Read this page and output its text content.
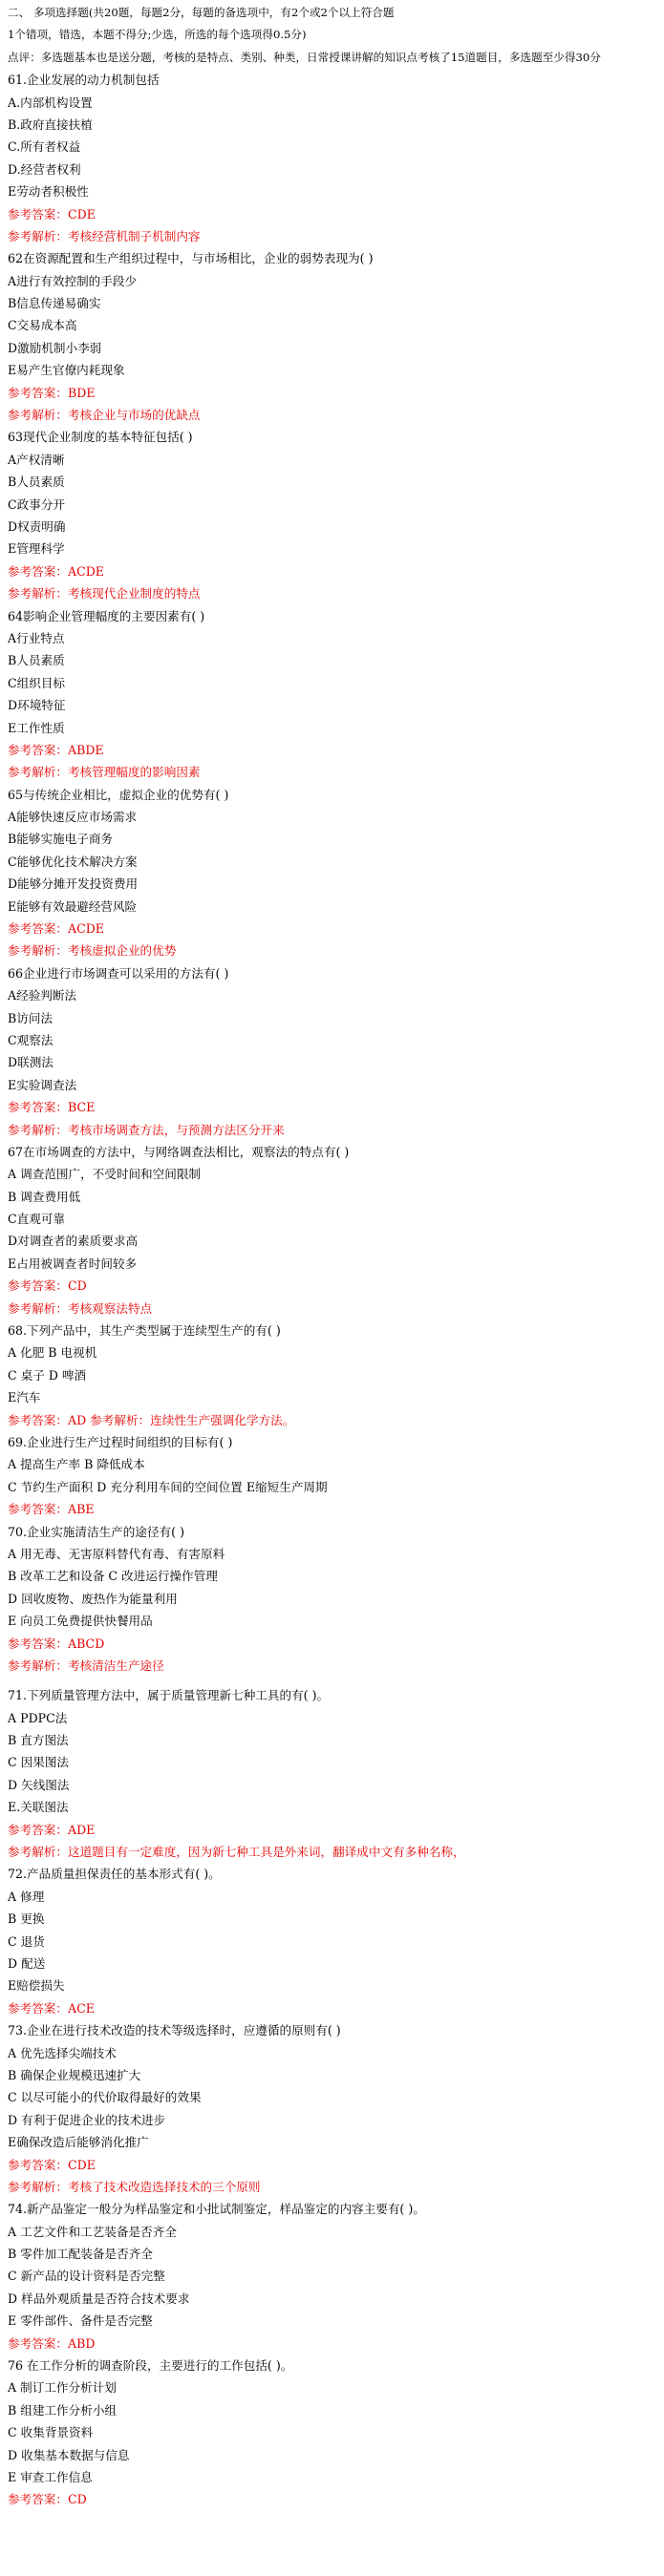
二、 多项选择题(共20题，每题2分，每题的备选项中，有2个或2个以上符合题
1个错项，错选，本题不得分;少选，所选的每个选项得0.5分)
点评：多选题基本也是送分题，考核的是特点、类别、种类，日常授课讲解的知识点考核了15道题目，多选题至少得30分
61.企业发展的动力机制包括
A.内部机构设置
B.政府直接扶植
C.所有者权益
D.经营者权利
E劳动者积极性
参考答案：CDE
参考解析：考核经营机制子机制内容
62在资源配置和生产组织过程中，与市场相比，企业的弱势表现为( )
A进行有效控制的手段少
B信息传递易确实
C交易成本高
D激励机制小李弱
E易产生官僚内耗现象
参考答案：BDE
参考解析：考核企业与市场的优缺点
63现代企业制度的基本特征包括( )
A产权清晰
B人员素质
C政事分开
D权责明确
E管理科学
参考答案：ACDE
参考解析：考核现代企业制度的特点
64影响企业管理幅度的主要因素有( )
A行业特点
B人员素质
C组织目标
D环境特征
E工作性质
参考答案：ABDE
参考解析：考核管理幅度的影响因素
65与传统企业相比，虚拟企业的优势有( )
A能够快速反应市场需求
B能够实施电子商务
C能够优化技术解决方案
D能够分摊开发投资费用
E能够有效最避经营风险
参考答案：ACDE
参考解析：考核虚拟企业的优势
66企业进行市场调查可以采用的方法有( )
A经验判断法
B访问法
C观察法
D联测法
E实验调查法
参考答案：BCE
参考解析：考核市场调查方法，与预测方法区分开来
67在市场调查的方法中，与网络调查法相比，观察法的特点有( )
A 调查范围广，不受时间和空间限制
B 调查费用低
C直观可靠
D对调查者的素质要求高
E占用被调查者时间较多
参考答案：CD
参考解析：考核观察法特点
68.下列产品中，其生产类型属于连续型生产的有( )
A 化肥 B 电视机
C 桌子 D 啤酒
E汽车
参考答案：AD 参考解析：连续性生产强调化学方法。
69.企业进行生产过程时间组织的目标有( )
A 提高生产率 B 降低成本
C 节约生产面积 D 充分利用车间的空间位置 E缩短生产周期
参考答案：ABE
70.企业实施清洁生产的途径有( )
A 用无毒、无害原料替代有毒、有害原料
B 改革工艺和设备 C 改进运行操作管理
D 回收废物、废热作为能量利用
E 向员工免费提供快餐用品
参考答案：ABCD
参考解析：考核清洁生产途径
71.下列质量管理方法中，属于质量管理新七种工具的有( )。
A PDPC法
B 直方图法
C 因果图法
D 矢线图法
E.关联图法
参考答案：ADE
参考解析：这道题目有一定难度，因为新七种工具是外来词，翻译成中文有多种名称，
72.产品质量担保责任的基本形式有( )。
A 修理
B 更换
C 退货
D 配送
E赔偿损失
参考答案：ACE
73.企业在进行技术改造的技术等级选择时，应遵循的原则有( )
A 优先选择尖端技术
B 确保企业规模迅速扩大
C 以尽可能小的代价取得最好的效果
D 有利于促进企业的技术进步
E确保改造后能够消化推广
参考答案：CDE
参考解析：考核了技术改造选择技术的三个原则
74.新产品鉴定一般分为样品鉴定和小批试制鉴定，样品鉴定的内容主要有( )。
A 工艺文件和工艺装备是否齐全
B 零件加工配装备是否齐全
C 新产品的设计资料是否完整
D 样品外观质量是否符合技术要求
E 零件部件、备件是否完整
参考答案：ABD
76 在工作分析的调查阶段，主要进行的工作包括( )。
A 制订工作分析计划
B 组建工作分析小组
C 收集背景资料
D 收集基本数据与信息
E 审查工作信息
参考答案：CD
